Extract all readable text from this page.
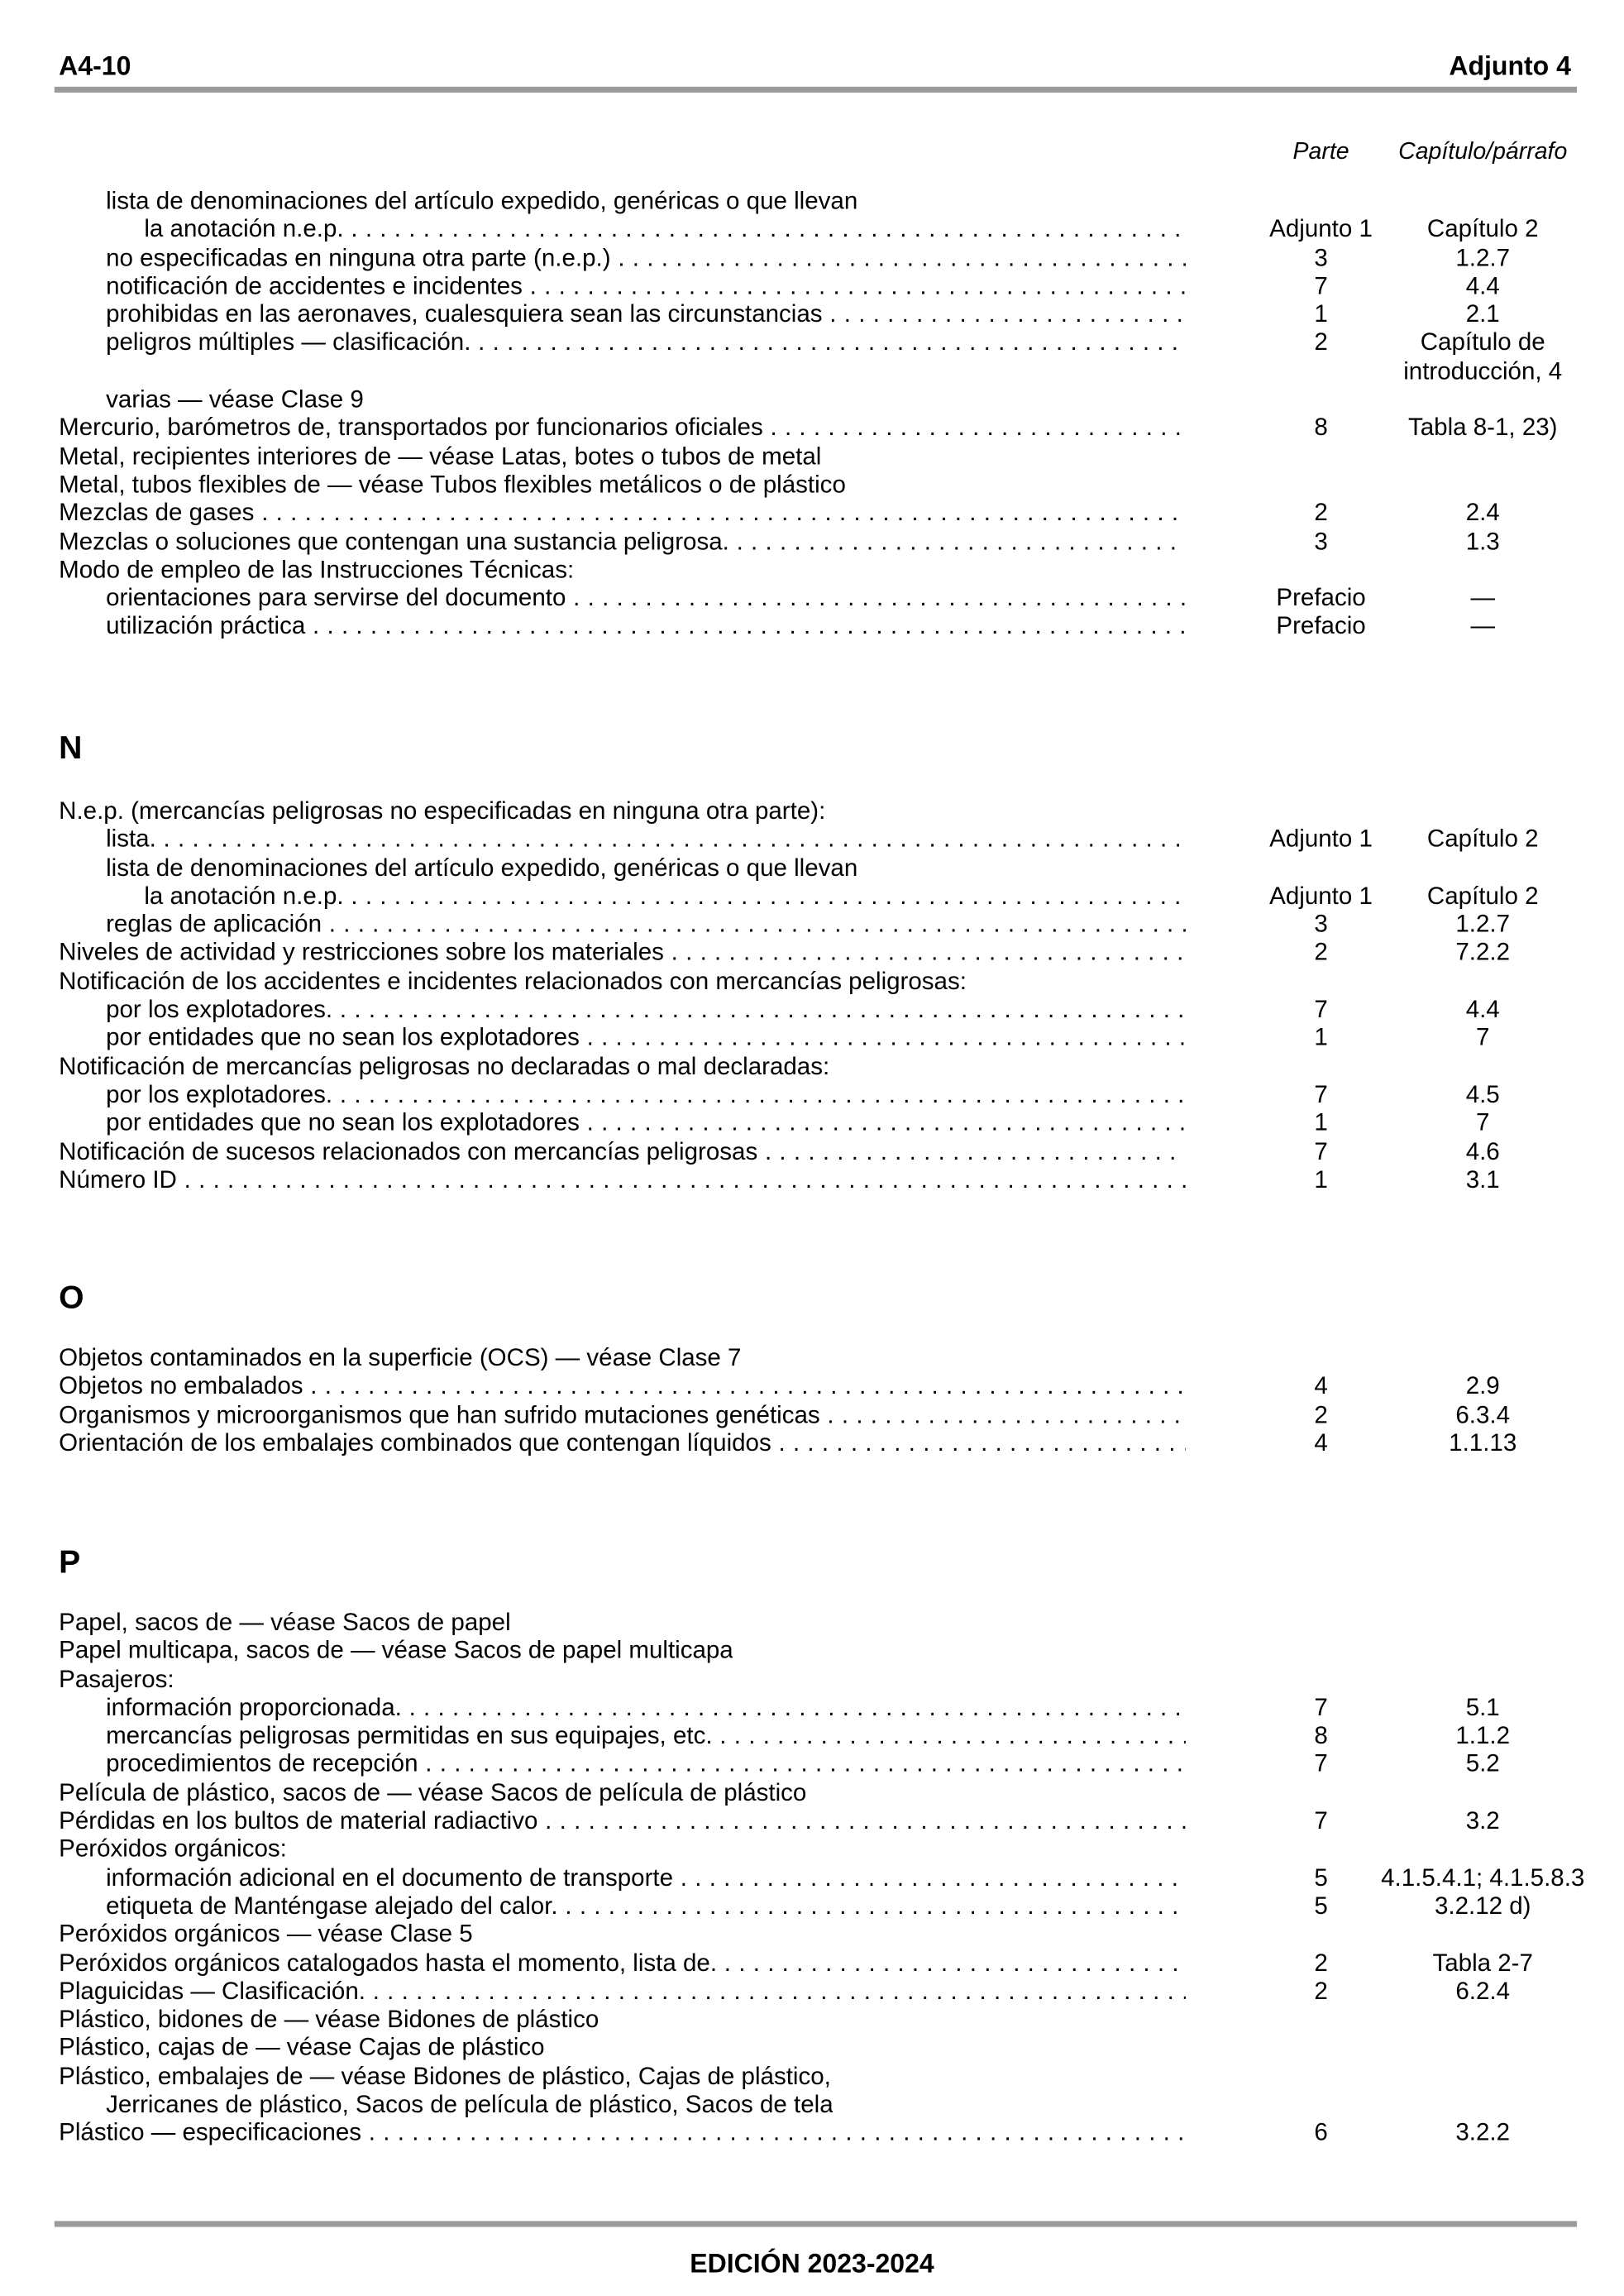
A4-10	Adjunto 4
Parte	Capítulo/párrafo
lista de denominaciones del artículo expedido, genéricas o que llevan
la anotación n.e.p. . . .	Adjunto 1	Capítulo 2
no especificadas en ninguna otra parte (n.e.p.) . . .	3	1.2.7
notificación de accidentes e incidentes . . .	7	4.4
prohibidas en las aeronaves, cualesquiera sean las circunstancias . . .	1	2.1
peligros múltiples — clasificación. . . .	2	Capítulo de introducción, 4
varias — véase Clase 9
Mercurio, barómetros de, transportados por funcionarios oficiales . . .	8	Tabla 8-1, 23)
Metal, recipientes interiores de — véase Latas, botes o tubos de metal
Metal, tubos flexibles de — véase Tubos flexibles metálicos o de plástico
Mezclas de gases . . .	2	2.4
Mezclas o soluciones que contengan una sustancia peligrosa. . . .	3	1.3
Modo de empleo de las Instrucciones Técnicas:
orientaciones para servirse del documento . . .	Prefacio	—
utilización práctica . . .	Prefacio	—
N
N.e.p. (mercancías peligrosas no especificadas en ninguna otra parte):
lista. . . .	Adjunto 1	Capítulo 2
lista de denominaciones del artículo expedido, genéricas o que llevan
la anotación n.e.p. . . .	Adjunto 1	Capítulo 2
reglas de aplicación . . .	3	1.2.7
Niveles de actividad y restricciones sobre los materiales . . .	2	7.2.2
Notificación de los accidentes e incidentes relacionados con mercancías peligrosas:
por los explotadores. . . .	7	4.4
por entidades que no sean los explotadores . . .	1	7
Notificación de mercancías peligrosas no declaradas o mal declaradas:
por los explotadores. . . .	7	4.5
por entidades que no sean los explotadores . . .	1	7
Notificación de sucesos relacionados con mercancías peligrosas . . .	7	4.6
Número ID . . .	1	3.1
O
Objetos contaminados en la superficie (OCS) — véase Clase 7
Objetos no embalados . . .	4	2.9
Organismos y microorganismos que han sufrido mutaciones genéticas . . .	2	6.3.4
Orientación de los embalajes combinados que contengan líquidos . . .	4	1.1.13
P
Papel, sacos de — véase Sacos de papel
Papel multicapa, sacos de — véase Sacos de papel multicapa
Pasajeros:
información proporcionada. . . .	7	5.1
mercancías peligrosas permitidas en sus equipajes, etc. . . .	8	1.1.2
procedimientos de recepción . . .	7	5.2
Película de plástico, sacos de — véase Sacos de película de plástico
Pérdidas en los bultos de material radiactivo . . .	7	3.2
Peróxidos orgánicos:
información adicional en el documento de transporte . . .	5	4.1.5.4.1; 4.1.5.8.3
etiqueta de Manténgase alejado del calor. . . .	5	3.2.12 d)
Peróxidos orgánicos — véase Clase 5
Peróxidos orgánicos catalogados hasta el momento, lista de. . . .	2	Tabla 2-7
Plaguicidas — Clasificación. . . .	2	6.2.4
Plástico, bidones de — véase Bidones de plástico
Plástico, cajas de — véase Cajas de plástico
Plástico, embalajes de — véase Bidones de plástico, Cajas de plástico,
Jerricanes de plástico, Sacos de película de plástico, Sacos de tela
Plástico — especificaciones . . .	6	3.2.2
EDICIÓN 2023-2024
